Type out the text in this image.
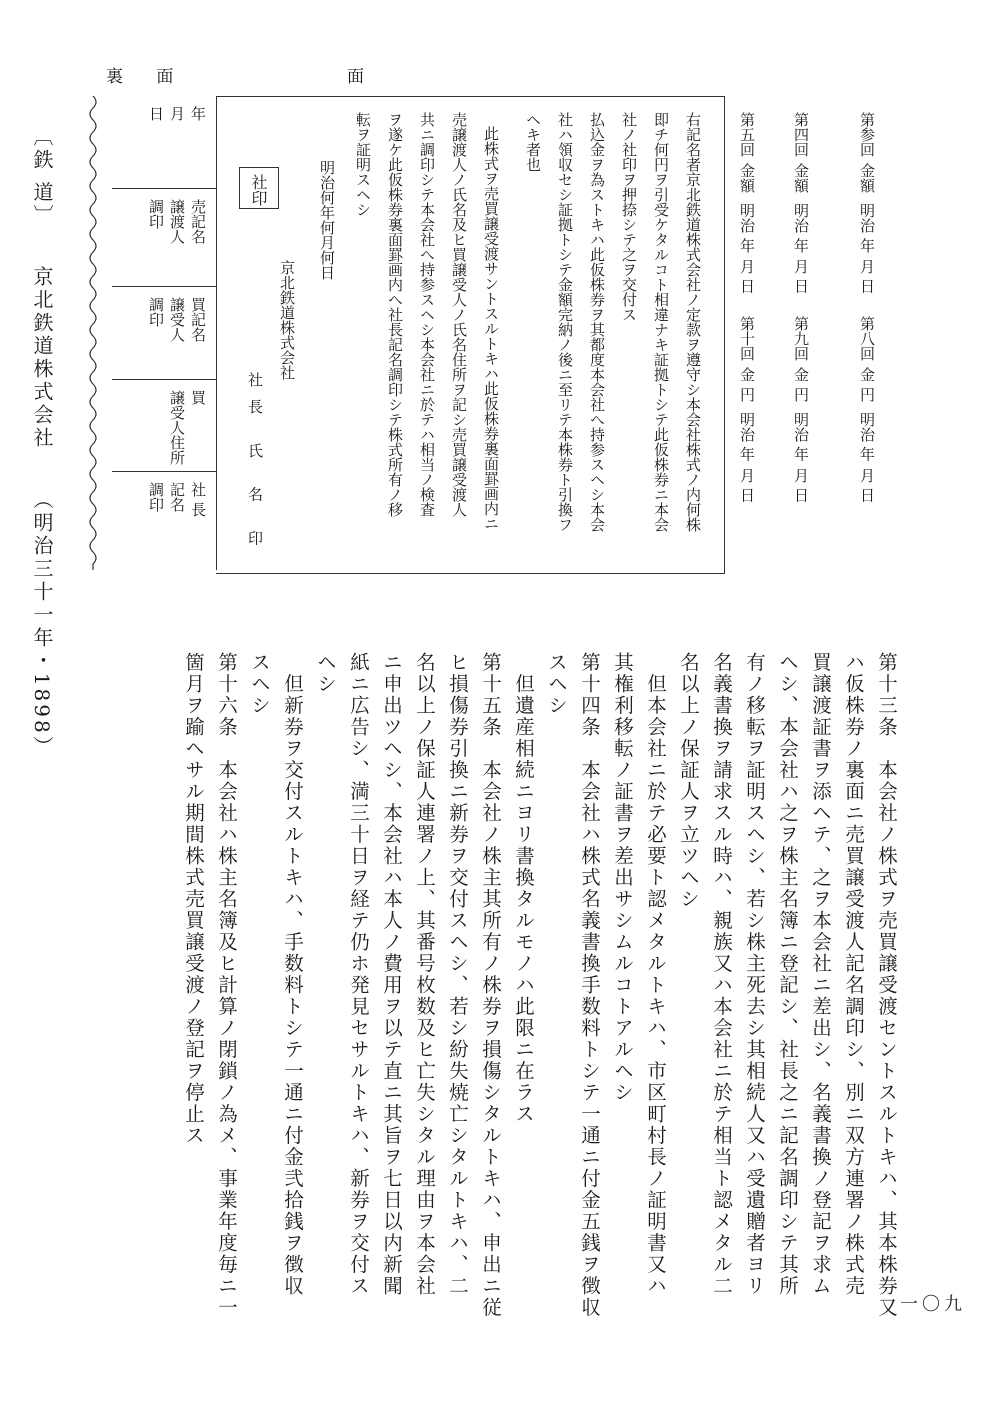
裏 面	面
〔鉄 道〕  京北鉄道株式会社  （明治三十一年・1898）
年
月
日
売記名
譲渡人
調印
買記名
譲受人
調印
買
譲受人住所
社 長
記名
調印
第参回金額明治 年月 日
第四回金額明治 年月 日
第五回金額明治 年月 日
第八回金 円明治 年月 日
第九回金 円明治 年月 日
第十回金 円明治 年月 日
右記名者京北鉄道株式会社ノ定款ヲ遵守シ本会社株式ノ内何株
即チ何円ヲ引受ケタルコト相違ナキ証拠トシテ此仮株券ニ本会
社ノ社印ヲ押捺シテ之ヲ交付ス
払込金ヲ為ストキハ此仮株券ヲ其都度本会社へ持参スヘシ本会
社ハ領収セシ証拠トシテ金額完納ノ後ニ至リテ本株券ト引換フ
ヘキ者也
此株式ヲ売買譲受渡サントスルトキハ此仮株券裏面罫画内ニ
売譲渡人ノ氏名及ヒ買譲受人ノ氏名住所ヲ記シ売買譲受渡人
共ニ調印シテ本会社へ持参スヘシ本会社ニ於テハ相当ノ検査
ヲ遂ケ此仮株券裏面罫画内へ社長記名調印シテ株式所有ノ移
転ヲ証明スヘシ
明治何年何月何日
京北鉄道株式会社
社長 氏 名 印
社印
第十三条　本会社ノ株式ヲ売買譲受渡セントスルトキハ、其本株券又
ハ仮株券ノ裏面ニ売買譲受渡人記名調印シ、別ニ双方連署ノ株式売
買譲渡証書ヲ添ヘテ、之ヲ本会社ニ差出シ、名義書換ノ登記ヲ求ム
ヘシ、本会社ハ之ヲ株主名簿ニ登記シ、社長之ニ記名調印シテ其所
有ノ移転ヲ証明スヘシ、若シ株主死去シ其相続人又ハ受遺贈者ヨリ
名義書換ヲ請求スル時ハ、親族又ハ本会社ニ於テ相当ト認メタル二
名以上ノ保証人ヲ立ツヘシ
　但本会社ニ於テ必要ト認メタルトキハ、市区町村長ノ証明書又ハ
其権利移転ノ証書ヲ差出サシムルコトアルヘシ
第十四条　本会社ハ株式名義書換手数料トシテ一通ニ付金五銭ヲ徴収
スヘシ
　但遺産相続ニヨリ書換タルモノハ此限ニ在ラス
第十五条　本会社ノ株主其所有ノ株券ヲ損傷シタルトキハ、申出ニ従
ヒ損傷券引換ニ新券ヲ交付スヘシ、若シ紛失焼亡シタルトキハ、二
名以上ノ保証人連署ノ上、其番号枚数及ヒ亡失シタル理由ヲ本会社
ニ申出ツヘシ、本会社ハ本人ノ費用ヲ以テ直ニ其旨ヲ七日以内新聞
紙ニ広告シ、満三十日ヲ経テ仍ホ発見セサルトキハ、新券ヲ交付ス
ヘシ
　但新券ヲ交付スルトキハ、手数料トシテ一通ニ付金弐拾銭ヲ徴収
スヘシ
第十六条　本会社ハ株主名簿及ヒ計算ノ閉鎖ノ為メ、事業年度毎ニ一
箇月ヲ踰ヘサル期間株式売買譲受渡ノ登記ヲ停止ス
一〇九
